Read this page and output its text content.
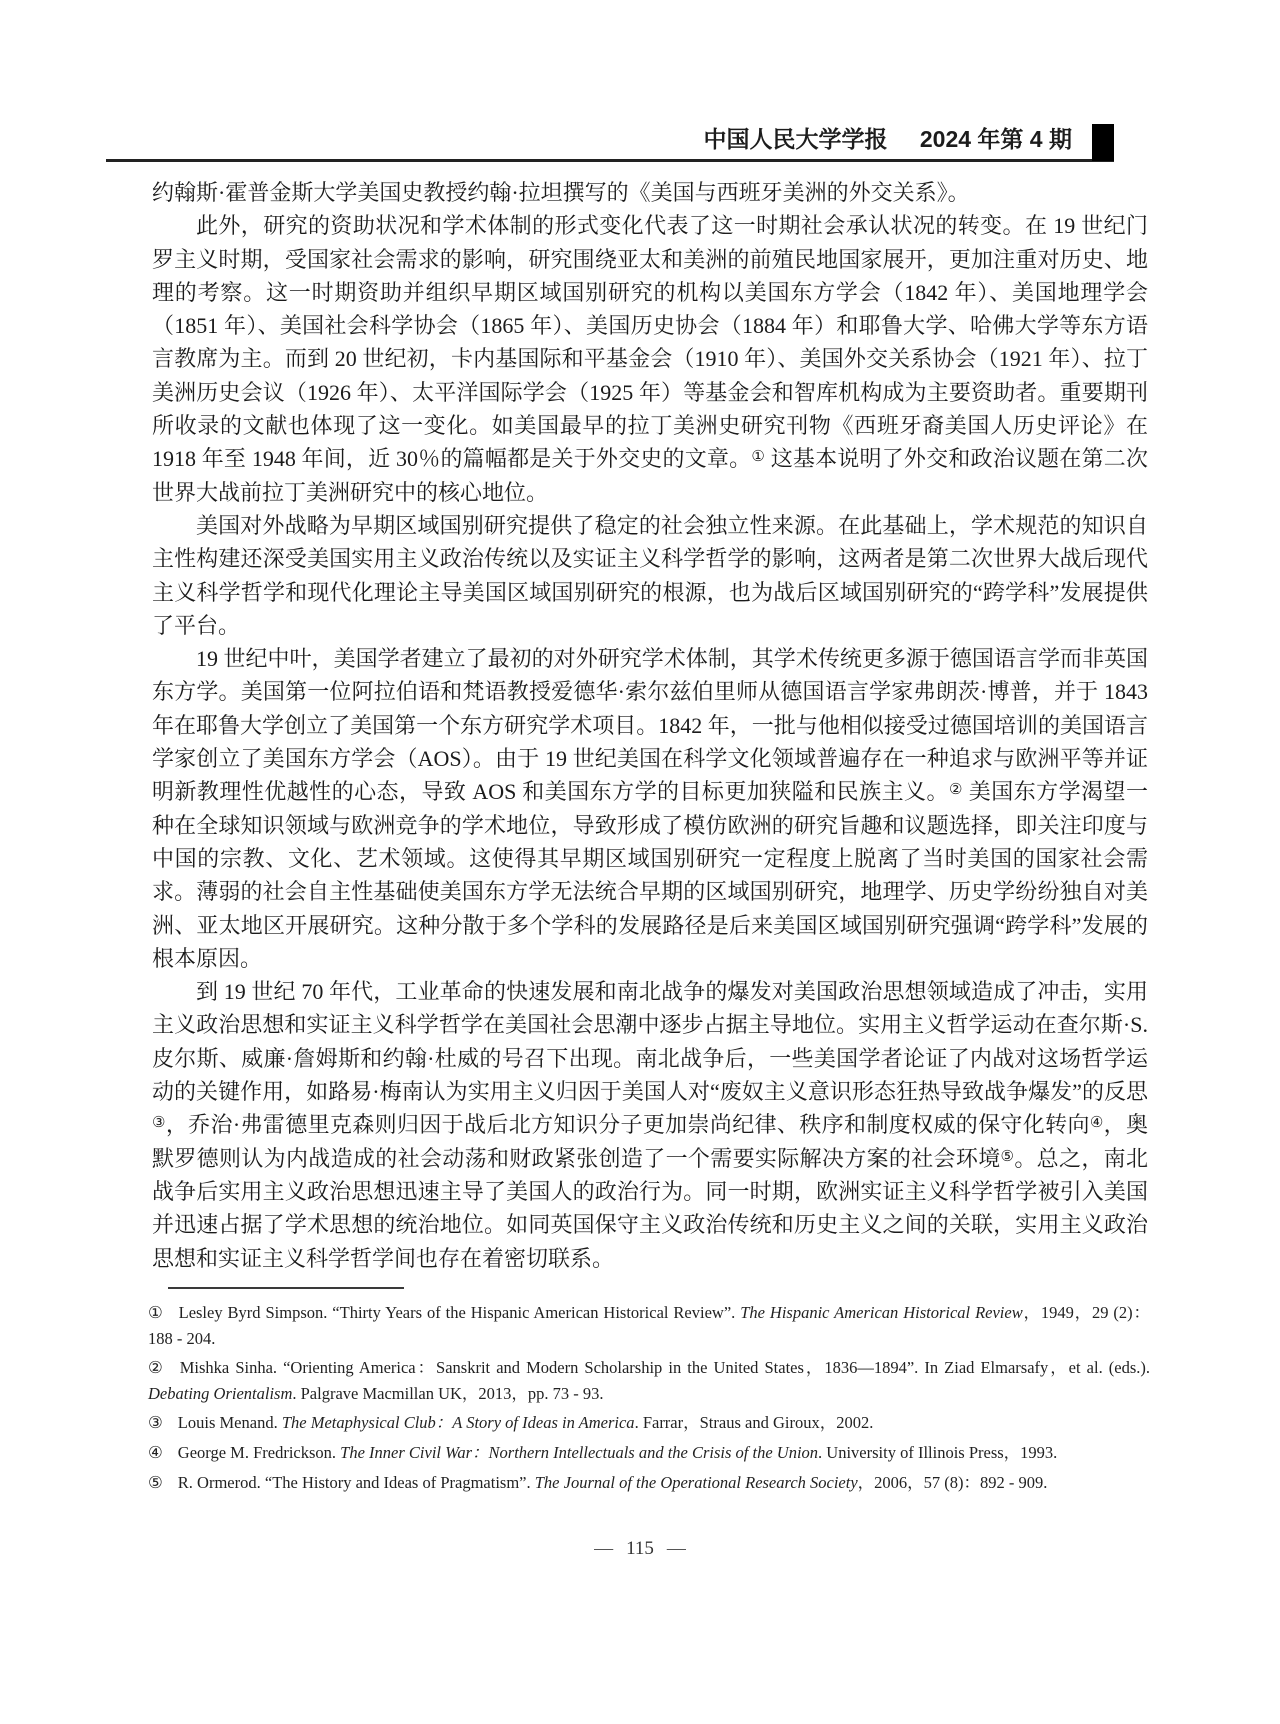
中国人民大学学报 2024 年第 4 期

约翰斯·霍普金斯大学美国史教授约翰·拉坦撰写的《美国与西班牙美洲的外交关系》。

此外，研究的资助状况和学术体制的形式变化代表了这一时期社会承认状况的转变。在 19 世纪门罗主义时期，受国家社会需求的影响，研究围绕亚太和美洲的前殖民地国家展开，更加注重对历史、地理的考察。这一时期资助并组织早期区域国别研究的机构以美国东方学会（1842 年）、美国地理学会（1851 年）、美国社会科学协会（1865 年）、美国历史协会（1884 年）和耶鲁大学、哈佛大学等东方语言教席为主。而到 20 世纪初，卡内基国际和平基金会（1910 年）、美国外交关系协会（1921 年）、拉丁美洲历史会议（1926 年）、太平洋国际学会（1925 年）等基金会和智库机构成为主要资助者。重要期刊所收录的文献也体现了这一变化。如美国最早的拉丁美洲史研究刊物《西班牙裔美国人历史评论》在 1918 年至 1948 年间，近 30％的篇幅都是关于外交史的文章。① 这基本说明了外交和政治议题在第二次世界大战前拉丁美洲研究中的核心地位。

美国对外战略为早期区域国别研究提供了稳定的社会独立性来源。在此基础上，学术规范的知识自主性构建还深受美国实用主义政治传统以及实证主义科学哲学的影响，这两者是第二次世界大战后现代主义科学哲学和现代化理论主导美国区域国别研究的根源，也为战后区域国别研究的“跨学科”发展提供了平台。

19 世纪中叶，美国学者建立了最初的对外研究学术体制，其学术传统更多源于德国语言学而非英国东方学。美国第一位阿拉伯语和梵语教授爱德华·索尔兹伯里师从德国语言学家弗朗茨·博普，并于 1843 年在耶鲁大学创立了美国第一个东方研究学术项目。1842 年，一批与他相似接受过德国培训的美国语言学家创立了美国东方学会（AOS）。由于 19 世纪美国在科学文化领域普遍存在一种追求与欧洲平等并证明新教理性优越性的心态，导致 AOS 和美国东方学的目标更加狭隘和民族主义。② 美国东方学渴望一种在全球知识领域与欧洲竞争的学术地位，导致形成了模仿欧洲的研究旨趣和议题选择，即关注印度与中国的宗教、文化、艺术领域。这使得其早期区域国别研究一定程度上脱离了当时美国的国家社会需求。薄弱的社会自主性基础使美国东方学无法统合早期的区域国别研究，地理学、历史学纷纷独自对美洲、亚太地区开展研究。这种分散于多个学科的发展路径是后来美国区域国别研究强调“跨学科”发展的根本原因。

到 19 世纪 70 年代，工业革命的快速发展和南北战争的爆发对美国政治思想领域造成了冲击，实用主义政治思想和实证主义科学哲学在美国社会思潮中逐步占据主导地位。实用主义哲学运动在查尔斯·S. 皮尔斯、威廉·詹姆斯和约翰·杜威的号召下出现。南北战争后，一些美国学者论证了内战对这场哲学运动的关键作用，如路易·梅南认为实用主义归因于美国人对“废奴主义意识形态狂热导致战争爆发”的反思③，乔治·弗雷德里克森则归因于战后北方知识分子更加崇尚纪律、秩序和制度权威的保守化转向④，奥默罗德则认为内战造成的社会动荡和财政紧张创造了一个需要实际解决方案的社会环境⑤。总之，南北战争后实用主义政治思想迅速主导了美国人的政治行为。同一时期，欧洲实证主义科学哲学被引入美国并迅速占据了学术思想的统治地位。如同英国保守主义政治传统和历史主义之间的关联，实用主义政治思想和实证主义科学哲学间也存在着密切联系。

① Lesley Byrd Simpson. “Thirty Years of the Hispanic American Historical Review”. The Hispanic American Historical Review，1949，29 (2)：188 - 204.

② Mishka Sinha. “Orienting America：Sanskrit and Modern Scholarship in the United States，1836—1894”. In Ziad Elmarsafy，et al. (eds.). Debating Orientalism. Palgrave Macmillan UK，2013，pp. 73 - 93.

③ Louis Menand. The Metaphysical Club：A Story of Ideas in America. Farrar，Straus and Giroux，2002.

④ George M. Fredrickson. The Inner Civil War：Northern Intellectuals and the Crisis of the Union. University of Illinois Press，1993.

⑤ R. Ormerod. “The History and Ideas of Pragmatism”. The Journal of the Operational Research Society，2006，57 (8)：892 - 909.

— 115 —
